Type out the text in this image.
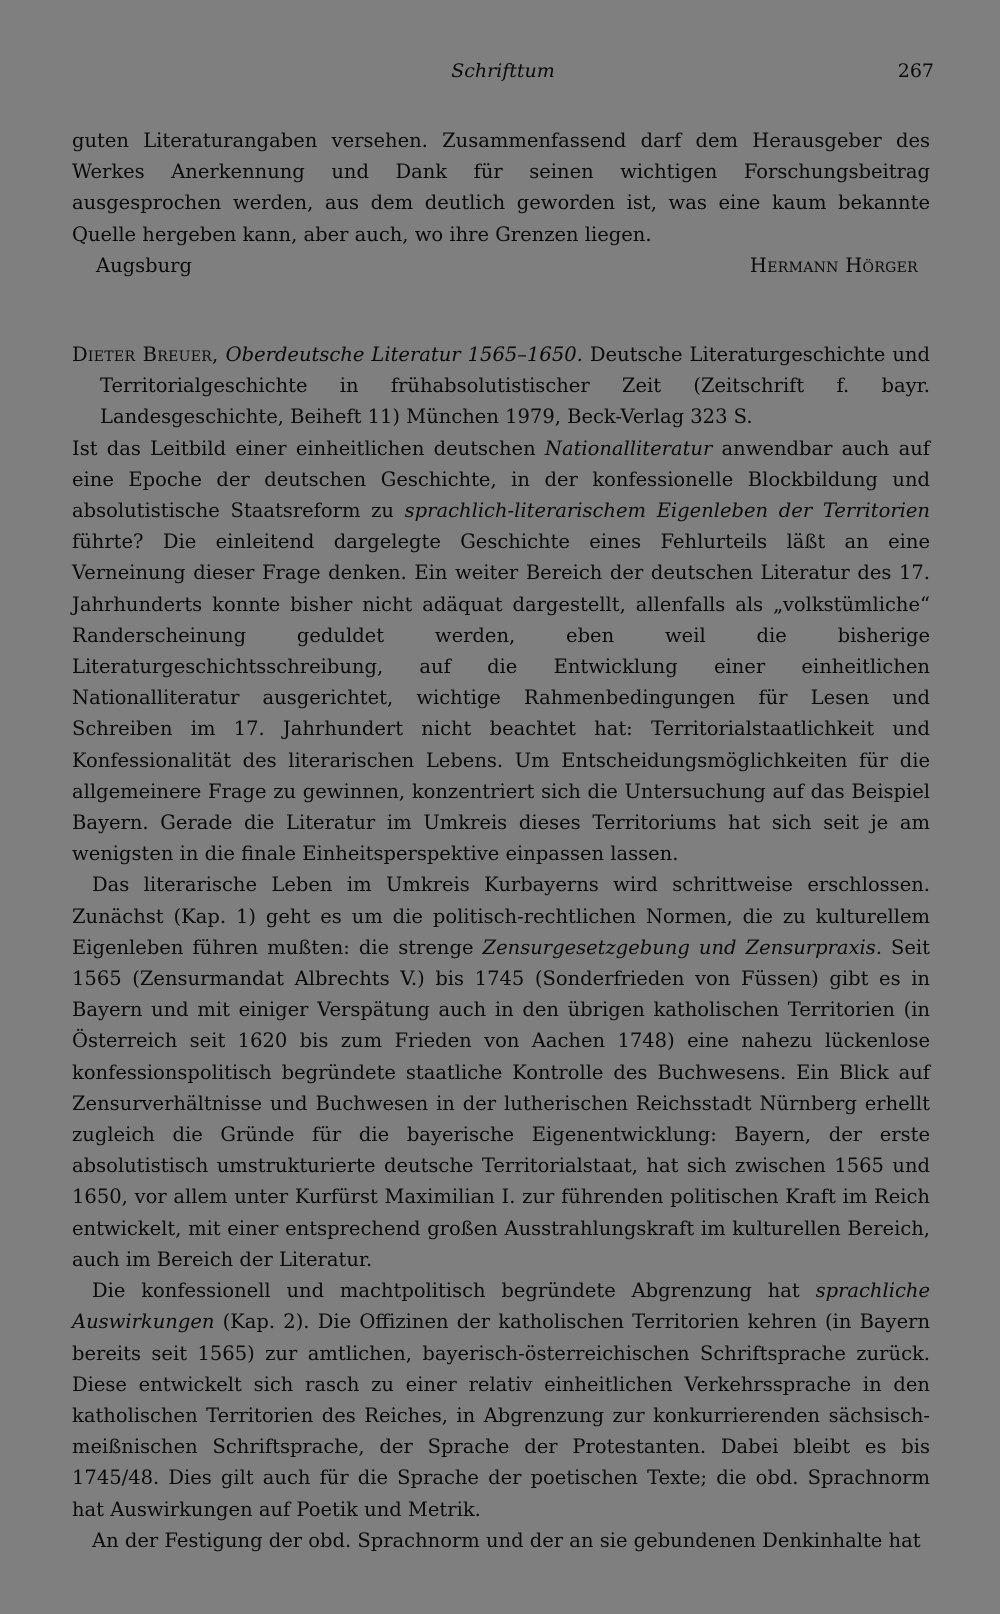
Schrifttum	267

guten Literaturangaben versehen. Zusammenfassend darf dem Herausgeber des Werkes Anerkennung und Dank für seinen wichtigen Forschungsbeitrag ausgesprochen werden, aus dem deutlich geworden ist, was eine kaum bekannte Quelle hergeben kann, aber auch, wo ihre Grenzen liegen.

Augsburg	Hermann Hörger

Dieter Breuer, Oberdeutsche Literatur 1565–1650. Deutsche Literaturgeschichte und Territorialgeschichte in frühabsolutistischer Zeit (Zeitschrift f. bayr. Landesgeschichte, Beiheft 11) München 1979, Beck-Verlag 323 S.

Ist das Leitbild einer einheitlichen deutschen Nationalliteratur anwendbar auch auf eine Epoche der deutschen Geschichte, in der konfessionelle Blockbildung und absolutistische Staatsreform zu sprachlich-literarischem Eigenleben der Territorien führte? Die einleitend dargelegte Geschichte eines Fehlurteils läßt an eine Verneinung dieser Frage denken. Ein weiter Bereich der deutschen Literatur des 17. Jahrhunderts konnte bisher nicht adäquat dargestellt, allenfalls als „volkstümliche“ Randerscheinung geduldet werden, eben weil die bisherige Literaturgeschichtsschreibung, auf die Entwicklung einer einheitlichen Nationalliteratur ausgerichtet, wichtige Rahmenbedingungen für Lesen und Schreiben im 17. Jahrhundert nicht beachtet hat: Territorialstaatlichkeit und Konfessionalität des literarischen Lebens. Um Entscheidungsmöglichkeiten für die allgemeinere Frage zu gewinnen, konzentriert sich die Untersuchung auf das Beispiel Bayern. Gerade die Literatur im Umkreis dieses Territoriums hat sich seit je am wenigsten in die finale Einheitsperspektive einpassen lassen.

Das literarische Leben im Umkreis Kurbayerns wird schrittweise erschlossen. Zunächst (Kap. 1) geht es um die politisch-rechtlichen Normen, die zu kulturellem Eigenleben führen mußten: die strenge Zensurgesetzgebung und Zensurpraxis. Seit 1565 (Zensurmandat Albrechts V.) bis 1745 (Sonderfrieden von Füssen) gibt es in Bayern und mit einiger Verspätung auch in den übrigen katholischen Territorien (in Österreich seit 1620 bis zum Frieden von Aachen 1748) eine nahezu lückenlose konfessionspolitisch begründete staatliche Kontrolle des Buchwesens. Ein Blick auf Zensurverhältnisse und Buchwesen in der lutherischen Reichsstadt Nürnberg erhellt zugleich die Gründe für die bayerische Eigenentwicklung: Bayern, der erste absolutistisch umstrukturierte deutsche Territorialstaat, hat sich zwischen 1565 und 1650, vor allem unter Kurfürst Maximilian I. zur führenden politischen Kraft im Reich entwickelt, mit einer entsprechend großen Ausstrahlungskraft im kulturellen Bereich, auch im Bereich der Literatur.

Die konfessionell und machtpolitisch begründete Abgrenzung hat sprachliche Auswirkungen (Kap. 2). Die Offizinen der katholischen Territorien kehren (in Bayern bereits seit 1565) zur amtlichen, bayerisch-österreichischen Schriftsprache zurück. Diese entwickelt sich rasch zu einer relativ einheitlichen Verkehrssprache in den katholischen Territorien des Reiches, in Abgrenzung zur konkurrierenden sächsisch-meißnischen Schriftsprache, der Sprache der Protestanten. Dabei bleibt es bis 1745/48. Dies gilt auch für die Sprache der poetischen Texte; die obd. Sprachnorm hat Auswirkungen auf Poetik und Metrik.

An der Festigung der obd. Sprachnorm und der an sie gebundenen Denkinhalte hat
